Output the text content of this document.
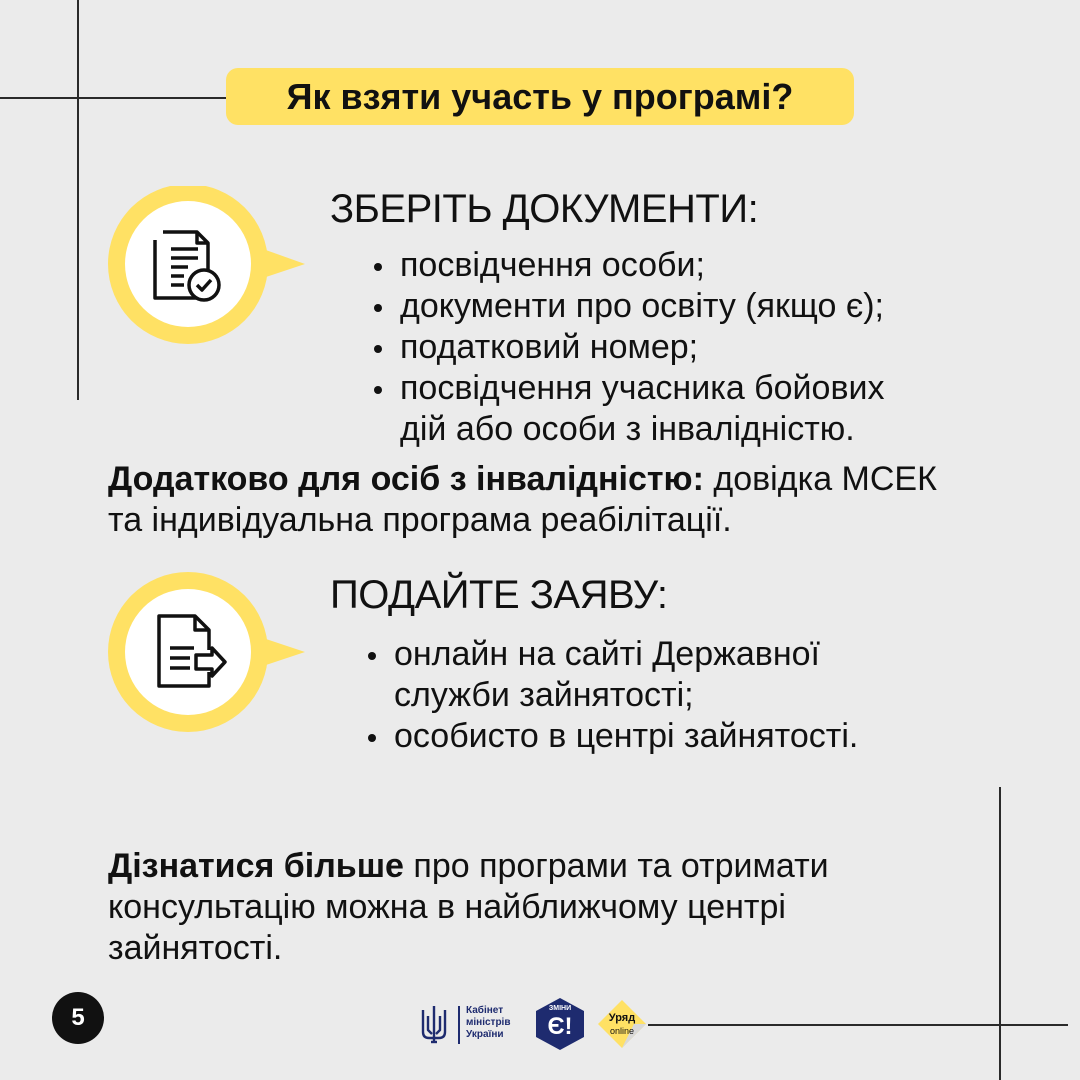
Як взяти участь у програмі?
ЗБЕРІТЬ ДОКУМЕНТИ:
посвідчення особи;
документи про освіту (якщо є);
податковий номер;
посвідчення учасника бойових дій або особи з інвалідністю.
Додатково для осіб з інвалідністю: довідка МСЕК та індивідуальна програма реабілітації.
ПОДАЙТЕ ЗАЯВУ:
онлайн на сайті Державної служби зайнятості;
особисто в центрі зайнятості.
Дізнатися більше про програми та отримати консультацію можна в найближчому центрі зайнятості.
5	Кабінет
міністрів
України
ЗМІНИ
Є!	Уряд
online
